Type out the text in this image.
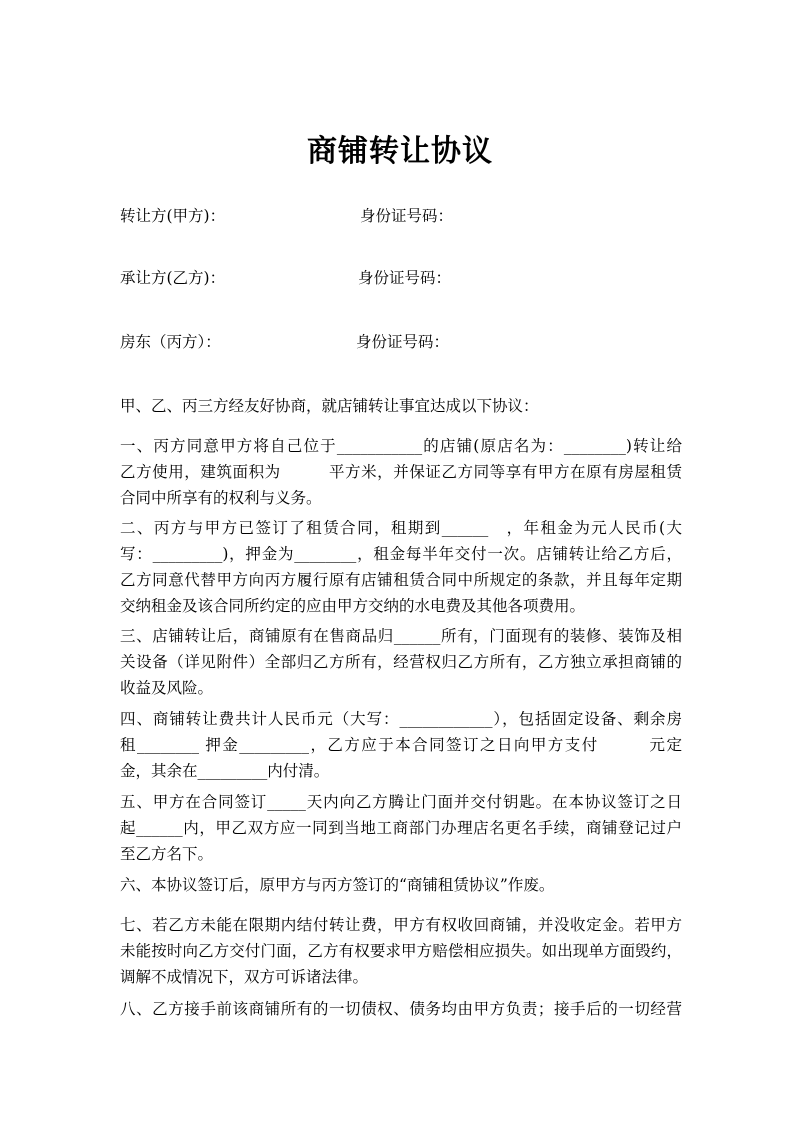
商铺转让协议
转让方(甲方)：	身份证号码：
承让方(乙方)：	身份证号码：
房东（丙方）：	身份证号码：

甲、乙、丙三方经友好协商，就店铺转让事宜达成以下协议：

一、丙方同意甲方将自己位于___________的店铺(原店名为：________)转让给
乙方使用，建筑面积为　　　平方米，并保证乙方同等享有甲方在原有房屋租赁
合同中所享有的权利与义务。

二、丙方与甲方已签订了租赁合同，租期到______　，年租金为元人民币(大
写：_________)，押金为________，租金每半年交付一次。店铺转让给乙方后，
乙方同意代替甲方向丙方履行原有店铺租赁合同中所规定的条款，并且每年定期
交纳租金及该合同所约定的应由甲方交纳的水电费及其他各项费用。

三、店铺转让后，商铺原有在售商品归______所有，门面现有的装修、装饰及相
关设备（详见附件）全部归乙方所有，经营权归乙方所有，乙方独立承担商铺的
收益及风险。

四、商铺转让费共计人民币元（大写：____________），包括固定设备、剩余房
租________ 押金_________，乙方应于本合同签订之日向甲方支付　　　元定
金，其余在_________内付清。

五、甲方在合同签订_____天内向乙方腾让门面并交付钥匙。在本协议签订之日
起______内，甲乙双方应一同到当地工商部门办理店名更名手续，商铺登记过户
至乙方名下。

六、本协议签订后，原甲方与丙方签订的“商铺租赁协议”作废。

七、若乙方未能在限期内结付转让费，甲方有权收回商铺，并没收定金。若甲方
未能按时向乙方交付门面，乙方有权要求甲方赔偿相应损失。如出现单方面毁约，
调解不成情况下，双方可诉诸法律。

八、乙方接手前该商铺所有的一切债权、债务均由甲方负责；接手后的一切经营
